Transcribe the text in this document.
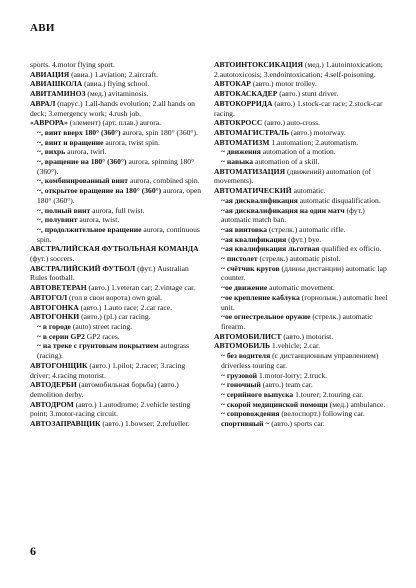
АВИ

sports. 4.motor flying sport.

АВИАЦИЯ (авиа.) 1.aviation; 2.aircraft.

АВИАШКОЛА (авиа.) flying school.

АВИТАМИНОЗ (мед.) avitaminosis.

АВРАЛ (парус.) 1.all-hands evolution; 2.all hands on deck; 3.emergency work; 4.rush job.

«АВРОРА» (элемент) (арт. плав.) aurora.

~, винт вверх 180° (360°) aurora, spin 180° (360°).

~, винт и вращение aurora, twist spin.

~, вихрь aurora, twirl.

~, вращение на 180° (360°) aurora, spinning 180° (360°).

~, комбинированный винт aurora, combined spin.

~, открытое вращение на 180° (360°) aurora, open 180° (360°).

~, полный винт aurora, full twist.

~, полувинт aurora, twist.

~, продолжительное вращение aurora, continuous spin.

АВСТРАЛИЙСКАЯ ФУТБОЛЬНАЯ КОМАНДА (фут.) soccers.

АВСТРАЛИЙСКИЙ ФУТБОЛ (фут.) Australian Rules football.

АВТОВЕТЕРАН (авто.) 1.veteran car; 2.vintage car.

АВТОГОЛ (гол в свои ворота) own goal.

АВТОГОНКА (авто.) 1.auto race; 2.car race.

АВТОГОНКИ (авто.) (pl.) car racing.

~ в городе (auto) street racing.

~ в серии GP2 GP2 races.

~ на треке с грунтовым покрытием autograss (racing).

АВТОГОНЩИК (авто.) 1.pilot; 2.racer; 3.racing driver; 4.racing motorist.

АВТОДЕРБИ (автомобильная борьба) (авто.) demolition derby.

АВТОДРОМ (авто.) 1.autodrome; 2.vehicle testing point; 3.motor-racing circuit.

АВТОЗАПРАВЩИК (авто.) 1.bowser; 2.refueller.

АВТОИНТОКСИКАЦИЯ (мед.) 1.autointoxication; 2.autotoxicosis; 3.endointoxication; 4.self-poisoning.

АВТОКАР (авто.) motor trolley.

АВТОКАСКАДЕР (авто.) stunt driver.

АВТОКОРРИДА (авто.) 1.stock-car race; 2.stock-car racing.

АВТОКРОСС (авто.) auto-cross.

АВТОМАГИСТРАЛЬ (авто.) motorway.

АВТОМАТИЗМ 1.automation; 2.automatism.

~ движения automation of a motion.

~ навыка automation of a skill.

АВТОМАТИЗАЦИЯ (движений) automation (of movements).

АВТОМАТИЧЕСКИЙ automatic.

~ая дисквалификация automatic disqualification.

~ая дисквалификация на один матч (фут.) automatic match ban.

~ая винтовка (стрелк.) automatic rifle.

~ая квалификация (фут.) bye.

~ая квалификация льготная qualified ex officio.

~ пистолет (стрелк.) automatic pistol.

~ счётчик кругов (длины дистанции) automatic lap counter.

~ое движение automatic movement.

~ое крепление каблука (горнолыж.) automatic heel unit.

~ое огнестрельное оружие (стрелк.) automatic firearm.

АВТОМОБИЛИСТ (авто.) motorist.

АВТОМОБИЛЬ 1.vehicle; 2.car.

~ без водителя (с дистанционным управлением) driverless touring car.

~ грузовой 1.motor-lorry; 2.truck.

~ гоночный (авто.) team car.

~ серийного выпуска 1.tourer; 2.touring car.

~ скорой медицинской помощи (мед.) ambulance.

~ сопровождения (велоспорт.) following car.

спортивный ~ (авто.) sports car.

6
